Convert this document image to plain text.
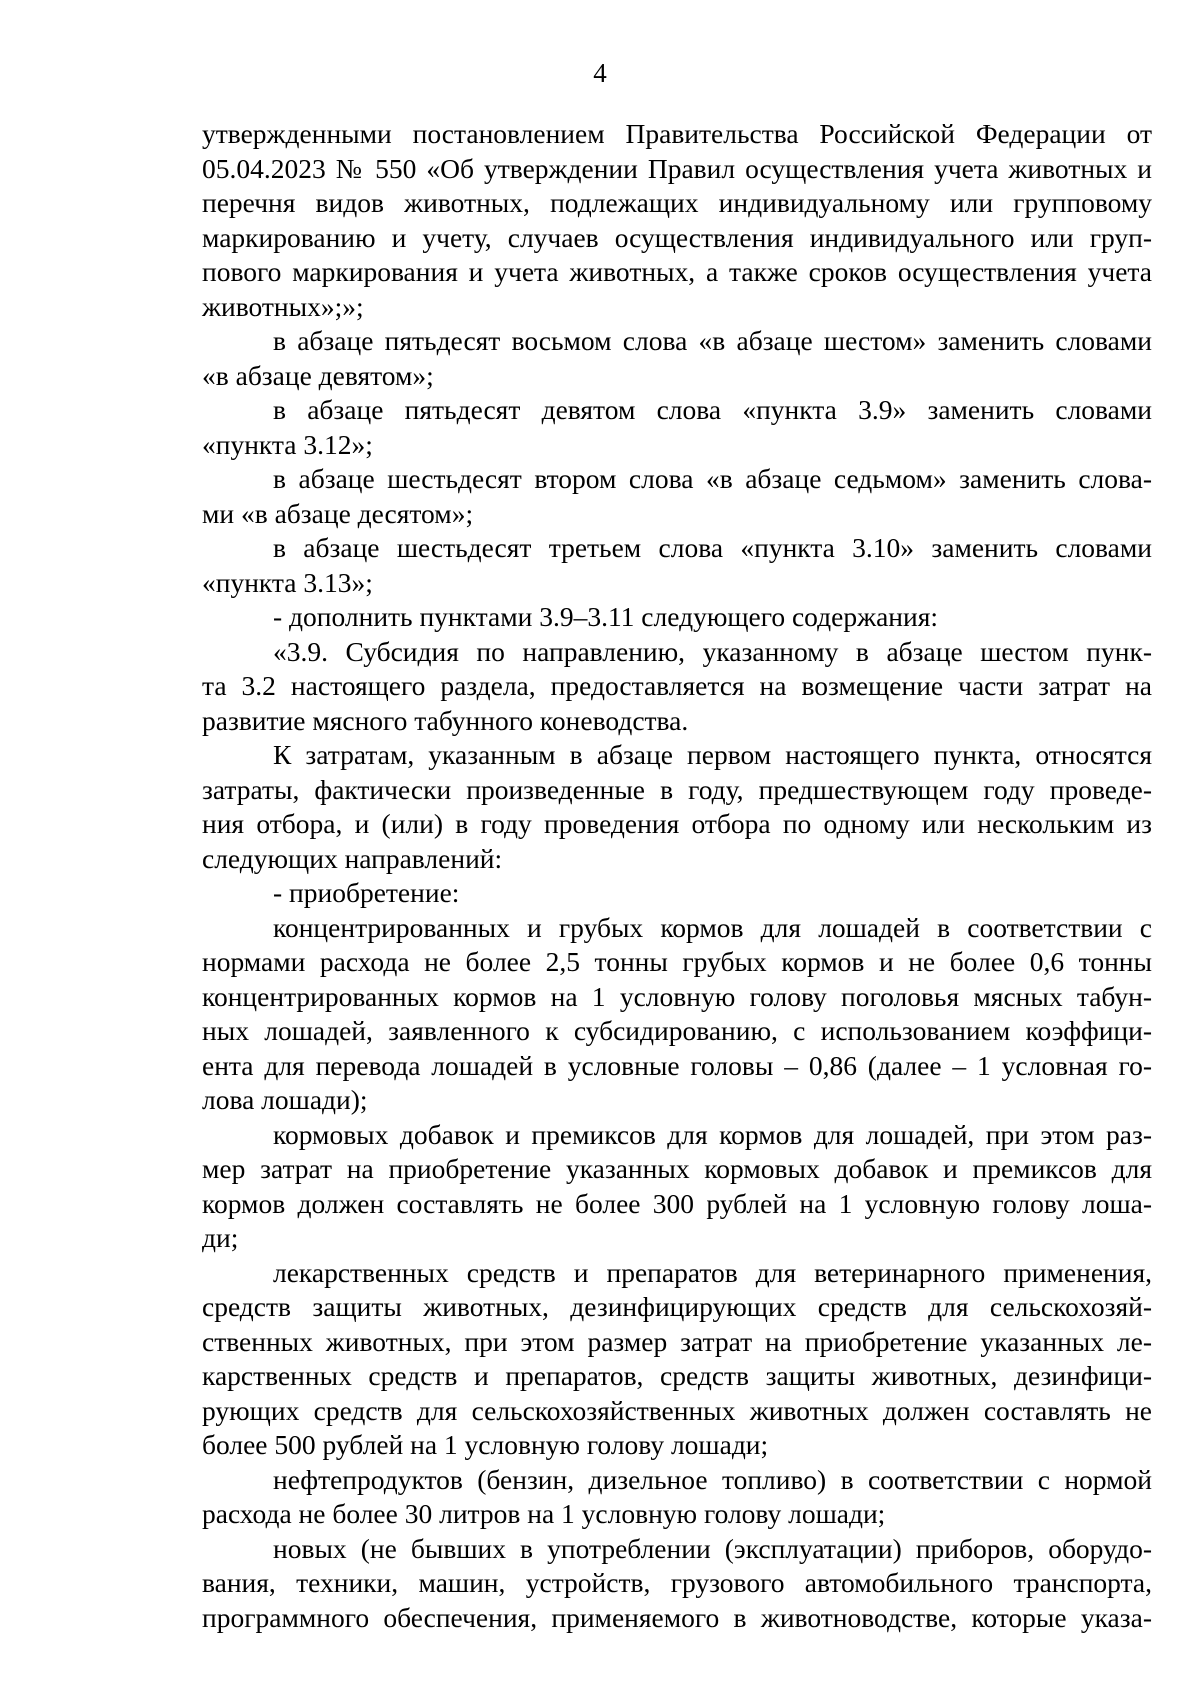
4
утвержденными постановлением Правительства Российской Федерации от
05.04.2023 № 550 «Об утверждении Правил осуществления учета животных и
перечня видов животных, подлежащих индивидуальному или групповому
маркированию и учету, случаев осуществления индивидуального или груп-
пового маркирования и учета животных, а также сроков осуществления учета
животных»;»;
в абзаце пятьдесят восьмом слова «в абзаце шестом» заменить словами
«в абзаце девятом»;
в абзаце пятьдесят девятом слова «пункта 3.9» заменить словами
«пункта 3.12»;
в абзаце шестьдесят втором слова «в абзаце седьмом» заменить слова-
ми «в абзаце десятом»;
в абзаце шестьдесят третьем слова «пункта 3.10» заменить словами
«пункта 3.13»;
- дополнить пунктами 3.9–3.11 следующего содержания:
«3.9. Субсидия по направлению, указанному в абзаце шестом пунк-
та 3.2 настоящего раздела, предоставляется на возмещение части затрат на
развитие мясного табунного коневодства.
К затратам, указанным в абзаце первом настоящего пункта, относятся
затраты, фактически произведенные в году, предшествующем году проведе-
ния отбора, и (или) в году проведения отбора по одному или нескольким из
следующих направлений:
- приобретение:
концентрированных и грубых кормов для лошадей в соответствии с
нормами расхода не более 2,5 тонны грубых кормов и не более 0,6 тонны
концентрированных кормов на 1 условную голову поголовья мясных табун-
ных лошадей, заявленного к субсидированию, с использованием коэффици-
ента для перевода лошадей в условные головы – 0,86 (далее – 1 условная го-
лова лошади);
кормовых добавок и премиксов для кормов для лошадей, при этом раз-
мер затрат на приобретение указанных кормовых добавок и премиксов для
кормов должен составлять не более 300 рублей на 1 условную голову лоша-
ди;
лекарственных средств и препаратов для ветеринарного применения,
средств защиты животных, дезинфицирующих средств для сельскохозяй-
ственных животных, при этом размер затрат на приобретение указанных ле-
карственных средств и препаратов, средств защиты животных, дезинфици-
рующих средств для сельскохозяйственных животных должен составлять не
более 500 рублей на 1 условную голову лошади;
нефтепродуктов (бензин, дизельное топливо) в соответствии с нормой
расхода не более 30 литров на 1 условную голову лошади;
новых (не бывших в употреблении (эксплуатации) приборов, оборудо-
вания, техники, машин, устройств, грузового автомобильного транспорта,
программного обеспечения, применяемого в животноводстве, которые указа-
